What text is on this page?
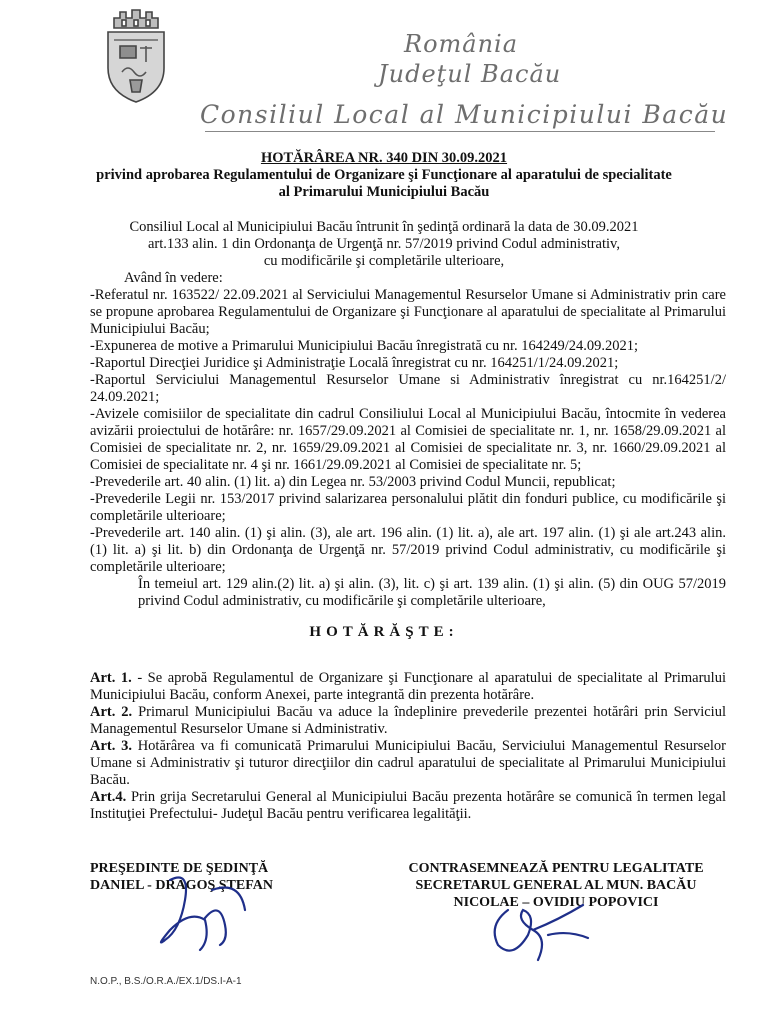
România
Judeţul Bacău
Consiliul Local al Municipiului Bacău
HOTĂRÂREA NR. 340 DIN 30.09.2021
privind aprobarea Regulamentului de Organizare şi Funcţionare al aparatului de specialitate
al Primarului Municipiului Bacău
Consiliul Local al Municipiului Bacău întrunit în şedinţă ordinară la data de 30.09.2021
art.133 alin. 1 din Ordonanţa de Urgenţă nr. 57/2019 privind Codul administrativ,
cu modificările şi completările ulterioare,

Având în vedere:

-Referatul nr. 163522/ 22.09.2021 al Serviciului Managementul Resurselor Umane si Administrativ prin care se propune aprobarea Regulamentului de Organizare şi Funcţionare al aparatului de specialitate al Primarului Municipiului Bacău;

-Expunerea de motive a Primarului Municipiului Bacău înregistrată cu nr. 164249/24.09.2021;

-Raportul Direcţiei Juridice şi Administraţie Locală înregistrat cu nr. 164251/1/24.09.2021;

-Raportul Serviciului Managementul Resurselor Umane si Administrativ înregistrat cu nr.164251/2/ 24.09.2021;

-Avizele comisiilor de specialitate din cadrul Consiliului Local al Municipiului Bacău, întocmite în vederea avizării proiectului de hotărâre: nr. 1657/29.09.2021 al Comisiei de specialitate nr. 1, nr. 1658/29.09.2021 al Comisiei de specialitate nr. 2, nr. 1659/29.09.2021 al Comisiei de specialitate nr. 3, nr. 1660/29.09.2021 al Comisiei de specialitate nr. 4 şi nr. 1661/29.09.2021 al Comisiei de specialitate nr. 5;

-Prevederile art. 40 alin. (1) lit. a) din Legea nr. 53/2003 privind Codul Muncii, republicat;

-Prevederile Legii nr. 153/2017 privind salarizarea personalului plătit din fonduri publice, cu modificările şi completările ulterioare;

-Prevederile art. 140 alin. (1) şi alin. (3), ale art. 196 alin. (1) lit. a), ale art. 197 alin. (1) şi ale art.243 alin. (1) lit. a) şi lit. b) din Ordonanţa de Urgenţă nr. 57/2019 privind Codul administrativ, cu modificările şi completările ulterioare;

În temeiul art. 129 alin.(2) lit. a) şi alin. (3), lit. c) şi art. 139 alin. (1) şi alin. (5) din OUG 57/2019 privind Codul administrativ, cu modificările şi completările ulterioare,

HOTĂRĂŞTE:

Art. 1. - Se aprobă Regulamentul de Organizare şi Funcţionare al aparatului de specialitate al Primarului Municipiului Bacău, conform Anexei, parte integrantă din prezenta hotărâre.

Art. 2. Primarul Municipiului Bacău va aduce la îndeplinire prevederile prezentei hotărâri prin Serviciul Managementul Resurselor Umane si Administrativ.

Art. 3. Hotărârea va fi comunicată Primarului Municipiului Bacău, Serviciului Managementul Resurselor Umane si Administrativ şi tuturor direcţiilor din cadrul aparatului de specialitate al Primarului Municipiului Bacău.

Art.4. Prin grija Secretarului General al Municipiului Bacău prezenta hotărâre se comunică în termen legal Instituţiei Prefectului- Judeţul Bacău pentru verificarea legalităţii.

PREŞEDINTE DE ŞEDINŢĂ
DANIEL - DRAGOŞ ŞTEFAN
CONTRASEMNEAZĂ PENTRU LEGALITATE
SECRETARUL GENERAL AL MUN. BACĂU
NICOLAE – OVIDIU POPOVICI
N.O.P., B.S./O.R.A./EX.1/DS.I-A-1
